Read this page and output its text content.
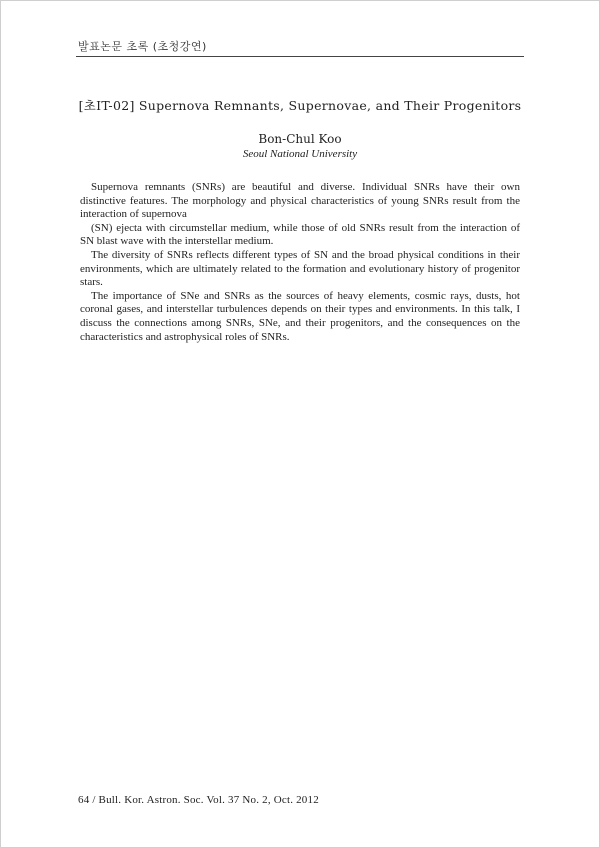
발표논문 초록 (초청강연)
[초IT-02] Supernova Remnants, Supernovae, and Their Progenitors
Bon-Chul Koo
Seoul National University

Supernova remnants (SNRs) are beautiful and diverse. Individual SNRs have their own distinctive features. The morphology and physical characteristics of young SNRs result from the interaction of supernova

(SN) ejecta with circumstellar medium, while those of old SNRs result from the interaction of SN blast wave with the interstellar medium.

The diversity of SNRs reflects different types of SN and the broad physical conditions in their environments, which are ultimately related to the formation and evolutionary history of progenitor stars.

The importance of SNe and SNRs as the sources of heavy elements, cosmic rays, dusts, hot coronal gases, and interstellar turbulences depends on their types and environments. In this talk, I discuss the connections among SNRs, SNe, and their progenitors, and the consequences on the characteristics and astrophysical roles of SNRs.

64 / Bull. Kor. Astron. Soc. Vol. 37 No. 2, Oct. 2012
